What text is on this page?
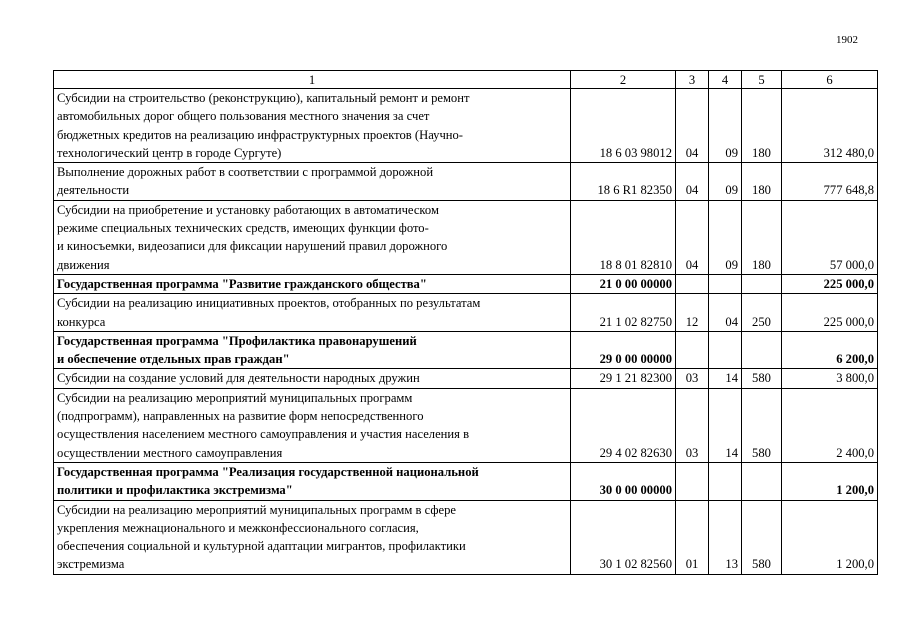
1902
1	2	3	4	5	6

Субсидии на строительство (реконструкцию), капитальный ремонт и ремонт
автомобильных дорог общего пользования местного значения за счет
бюджетных кредитов на реализацию инфраструктурных проектов (Научно-
технологический центр в городе Сургуте)	18 6 03 98012	04	09	180	312 480,0

Выполнение дорожных работ в соответствии с программой дорожной
деятельности	18 6 R1 82350	04	09	180	777 648,8

Субсидии на приобретение и установку работающих в автоматическом
режиме специальных технических средств, имеющих функции фото-
и киносъемки, видеозаписи для фиксации нарушений правил дорожного
движения	18 8 01 82810	04	09	180	57 000,0

Государственная программа "Развитие гражданского общества"	21 0 00 00000				225 000,0

Субсидии на реализацию инициативных проектов, отобранных по результатам
конкурса	21 1 02 82750	12	04	250	225 000,0

Государственная программа "Профилактика правонарушений
и обеспечение отдельных прав граждан"	29 0 00 00000				6 200,0

Субсидии на создание условий для деятельности народных дружин	29 1 21 82300	03	14	580	3 800,0

Субсидии на реализацию мероприятий муниципальных программ
(подпрограмм), направленных на развитие форм непосредственного
осуществления населением местного самоуправления и участия населения в
осуществлении местного самоуправления	29 4 02 82630	03	14	580	2 400,0

Государственная программа "Реализация государственной национальной
политики и профилактика экстремизма"	30 0 00 00000				1 200,0

Субсидии на реализацию мероприятий муниципальных программ в сфере
укрепления межнационального и межконфессионального согласия,
обеспечения социальной и культурной адаптации мигрантов, профилактики
экстремизма	30 1 02 82560	01	13	580	1 200,0
